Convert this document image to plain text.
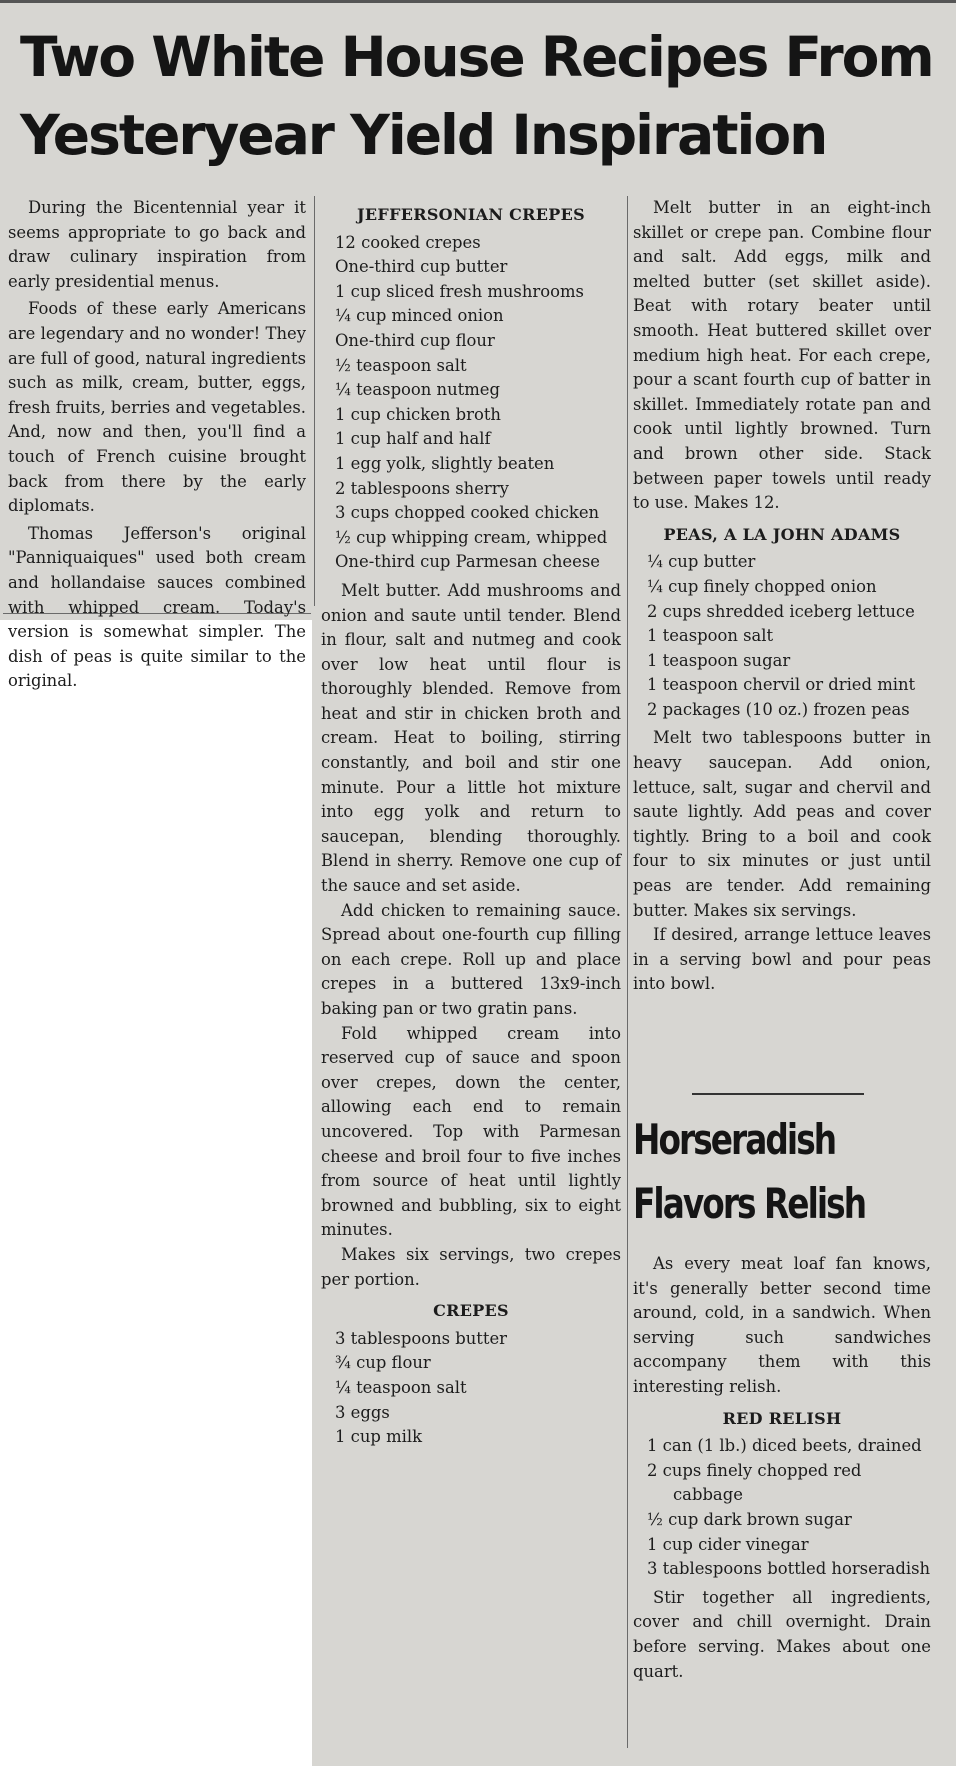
Two White House Recipes From Yesteryear Yield Inspiration

During the Bicentennial year it seems appropriate to go back and draw culinary inspiration from early presidential menus.

Foods of these early Americans are legendary and no wonder! They are full of good, natural ingredients such as milk, cream, butter, eggs, fresh fruits, berries and vegetables. And, now and then, you'll find a touch of French cuisine brought back from there by the early diplomats.

Thomas Jefferson's original "Panniquaiques" used both cream and hollandaise sauces combined with whipped cream. Today's version is somewhat simpler. The dish of peas is quite similar to the original.

JEFFERSONIAN CREPES
12 cooked crepes
One-third cup butter
1 cup sliced fresh mushrooms
¼ cup minced onion
One-third cup flour
½ teaspoon salt
¼ teaspoon nutmeg
1 cup chicken broth
1 cup half and half
1 egg yolk, slightly beaten
2 tablespoons sherry
3 cups chopped cooked chicken
½ cup whipping cream, whipped
One-third cup Parmesan cheese

Melt butter. Add mushrooms and onion and saute until tender. Blend in flour, salt and nutmeg and cook over low heat until flour is thoroughly blended. Remove from heat and stir in chicken broth and cream. Heat to boiling, stirring constantly, and boil and stir one minute. Pour a little hot mixture into egg yolk and return to saucepan, blending thoroughly. Blend in sherry. Remove one cup of the sauce and set aside.

Add chicken to remaining sauce. Spread about one-fourth cup filling on each crepe. Roll up and place crepes in a buttered 13x9-inch baking pan or two gratin pans.

Fold whipped cream into reserved cup of sauce and spoon over crepes, down the center, allowing each end to remain uncovered. Top with Parmesan cheese and broil four to five inches from source of heat until lightly browned and bubbling, six to eight minutes.

Makes six servings, two crepes per portion.

CREPES
3 tablespoons butter
¾ cup flour
¼ teaspoon salt
3 eggs
1 cup milk

Melt butter in an eight-inch skillet or crepe pan. Combine flour and salt. Add eggs, milk and melted butter (set skillet aside). Beat with rotary beater until smooth. Heat buttered skillet over medium high heat. For each crepe, pour a scant fourth cup of batter in skillet. Immediately rotate pan and cook until lightly browned. Turn and brown other side. Stack between paper towels until ready to use. Makes 12.

PEAS, A LA JOHN ADAMS
¼ cup butter
¼ cup finely chopped onion
2 cups shredded iceberg lettuce
1 teaspoon salt
1 teaspoon sugar
1 teaspoon chervil or dried mint
2 packages (10 oz.) frozen peas

Melt two tablespoons butter in heavy saucepan. Add onion, lettuce, salt, sugar and chervil and saute lightly. Add peas and cover tightly. Bring to a boil and cook four to six minutes or just until peas are tender. Add remaining butter. Makes six servings.

If desired, arrange lettuce leaves in a serving bowl and pour peas into bowl.

Horseradish Flavors Relish

As every meat loaf fan knows, it's generally better second time around, cold, in a sandwich. When serving such sandwiches accompany them with this interesting relish.

RED RELISH
1 can (1 lb.) diced beets, drained
2 cups finely chopped red cabbage
½ cup dark brown sugar
1 cup cider vinegar
3 tablespoons bottled horseradish

Stir together all ingredients, cover and chill overnight. Drain before serving. Makes about one quart.
